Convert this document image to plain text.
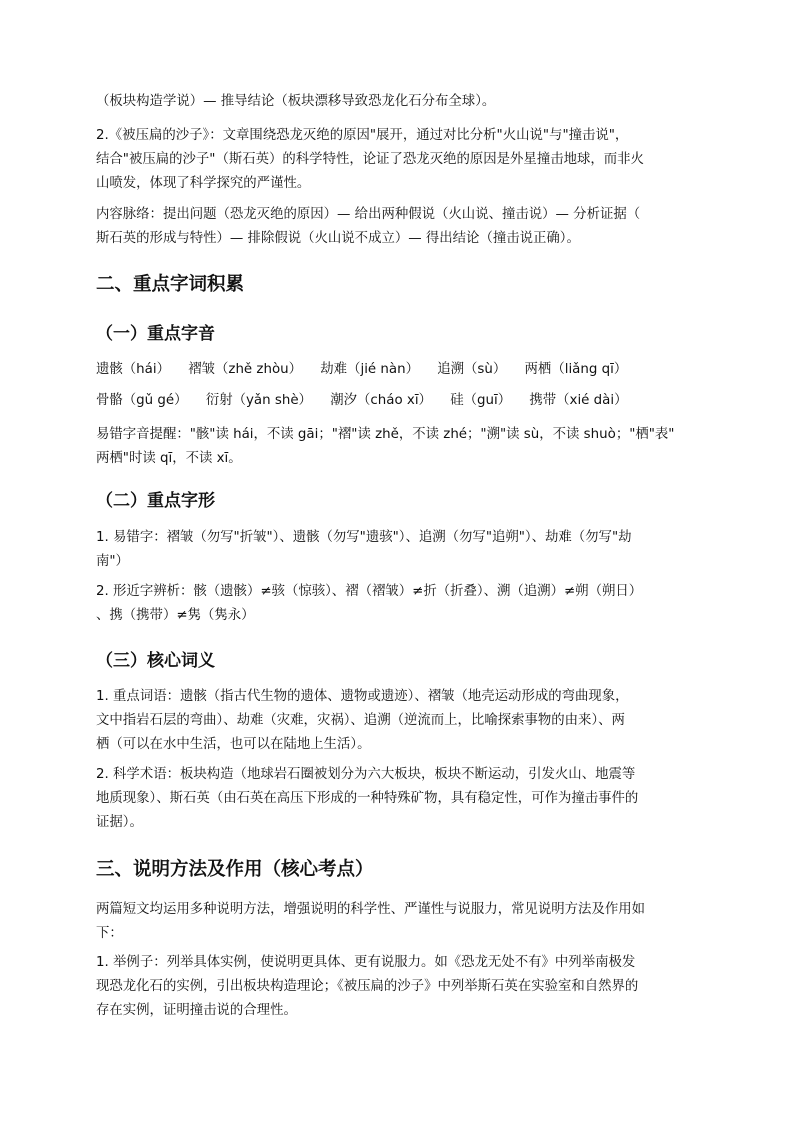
（板块构造学说）— 推导结论（板块漂移导致恐龙化石分布全球）。

2.《被压扁的沙子》：文章围绕恐龙灭绝的原因"展开，通过对比分析"火山说"与"撞击说"，
结合"被压扁的沙子"（斯石英）的科学特性，论证了恐龙灭绝的原因是外星撞击地球，而非火
山喷发，体现了科学探究的严谨性。

内容脉络：提出问题（恐龙灭绝的原因）— 给出两种假说（火山说、撞击说）— 分析证据（
斯石英的形成与特性）— 排除假说（火山说不成立）— 得出结论（撞击说正确）。

二、重点字词积累
（一）重点字音

遗骸（hái） 褶皱（zhě zhòu） 劫难（jié nàn） 追溯（sù） 两栖（liǎng qī）

骨骼（gǔ gé） 衍射（yǎn shè） 潮汐（cháo xī） 硅（guī） 携带（xié dài）

易错字音提醒："骸"读 hái，不读 gāi；"褶"读 zhě，不读 zhé；"溯"读 sù，不读 shuò；"栖"表"
两栖"时读 qī，不读 xī。

（二）重点字形

1. 易错字：褶皱（勿写"折皱"）、遗骸（勿写"遗骇"）、追溯（勿写"追朔"）、劫难（勿写"劫
南"）

2. 形近字辨析：骸（遗骸）≠骇（惊骇）、褶（褶皱）≠折（折叠）、溯（追溯）≠朔（朔日）
、携（携带）≠隽（隽永）

（三）核心词义

1. 重点词语：遗骸（指古代生物的遗体、遗物或遗迹）、褶皱（地壳运动形成的弯曲现象，
文中指岩石层的弯曲）、劫难（灾难，灾祸）、追溯（逆流而上，比喻探索事物的由来）、两
栖（可以在水中生活，也可以在陆地上生活）。

2. 科学术语：板块构造（地球岩石圈被划分为六大板块，板块不断运动，引发火山、地震等
地质现象）、斯石英（由石英在高压下形成的一种特殊矿物，具有稳定性，可作为撞击事件的
证据）。

三、说明方法及作用（核心考点）

两篇短文均运用多种说明方法，增强说明的科学性、严谨性与说服力，常见说明方法及作用如
下：

1. 举例子：列举具体实例，使说明更具体、更有说服力。如《恐龙无处不有》中列举南极发
现恐龙化石的实例，引出板块构造理论；《被压扁的沙子》中列举斯石英在实验室和自然界的
存在实例，证明撞击说的合理性。
